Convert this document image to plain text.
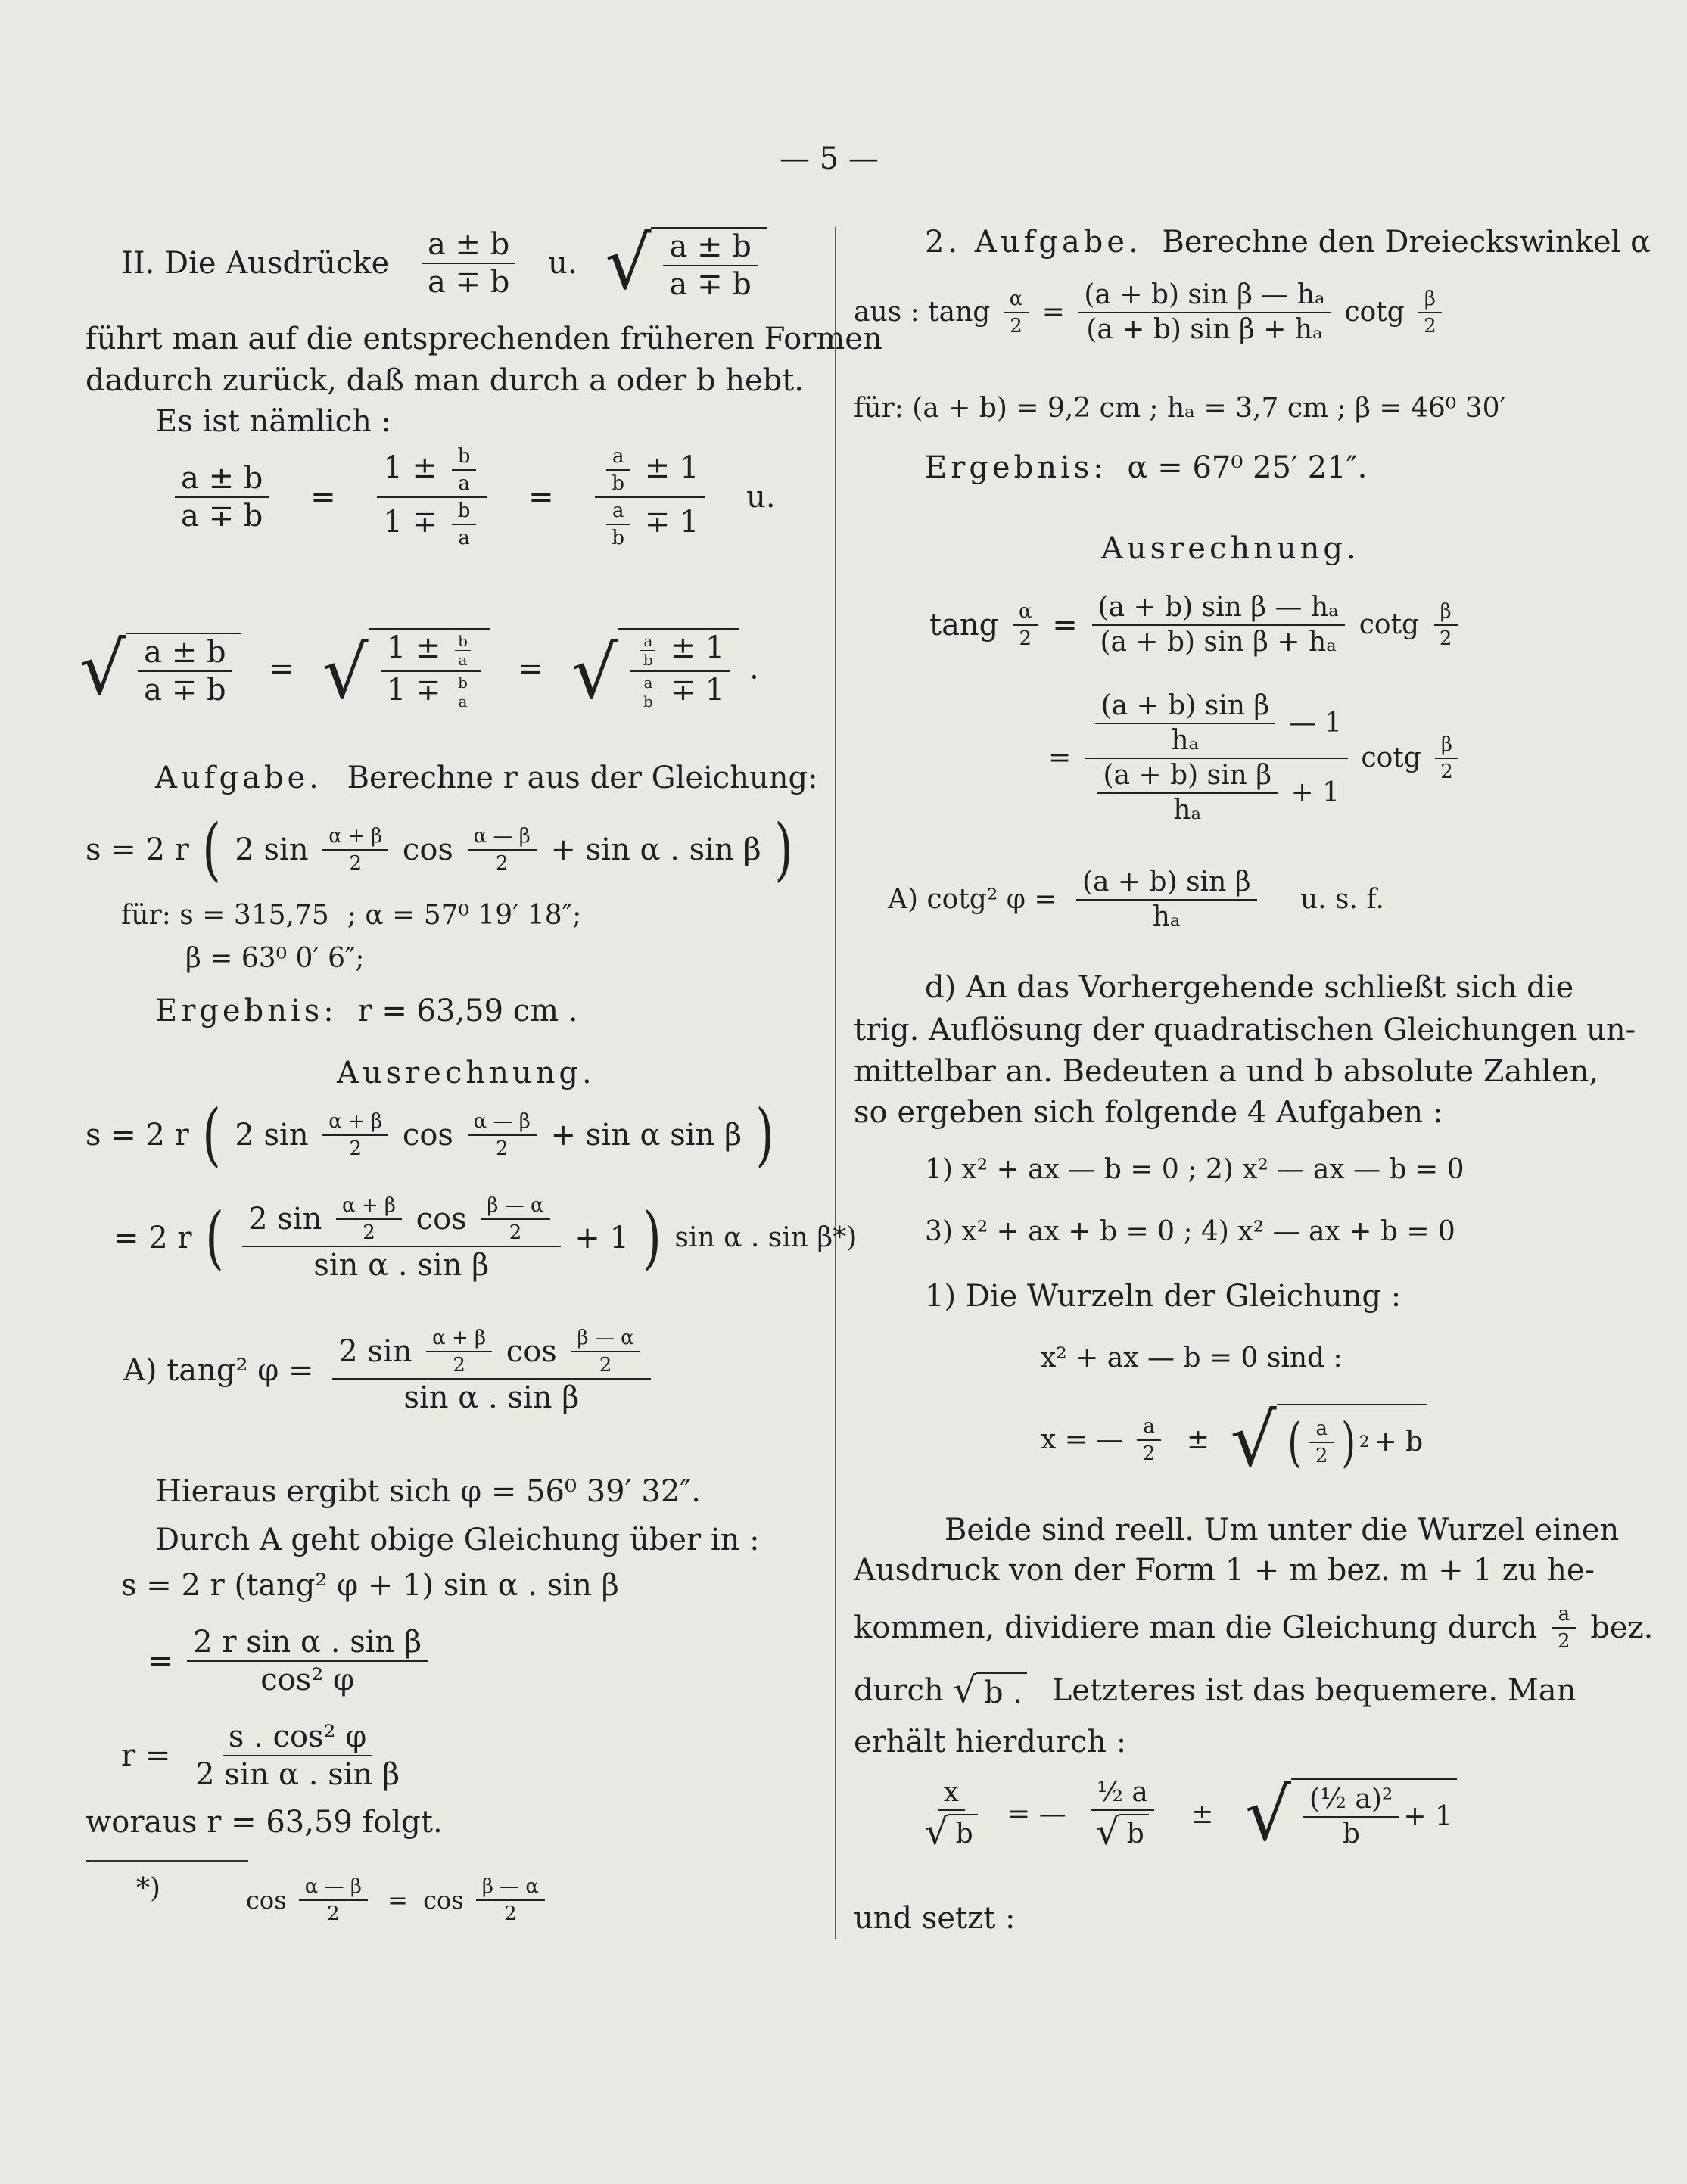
— 5 —
II. Die Ausdrücke $\frac{a \pm b}{a \mp b} u$. √ $\frac{a \pm b}{a \mp b}$
führt man auf die entsprechenden früheren Formen
dadurch zurück, daß man durch a oder b hebt.
Es ist nämlich :
$\frac{a \pm b}{a \mp b} = \frac{1 \pm \frac{b}{a}}{1 \mp \frac{b}{a}} = \frac{\frac{a}{b} \pm 1}{\frac{a}{b} \mp 1} u$.
√ $\frac{a \pm b}{a \mp b}$ = √ $\frac{1 \pm \frac{b}{a}}{1 \mp \frac{b}{a}}$ = √ $\frac{\frac{a}{b} \pm 1}{\frac{a}{b} \mp 1}$ .
Aufgabe. Berechne r aus der Gleichung:
s = 2 r ( 2 $\sin \frac{\alpha + \beta}{2}$ $\cos \frac{\alpha — \beta}{2} + \sin \alpha$ . sin β )
für: s = 315,75 ; α = 57⁰ 19′ 18″;
β = 63⁰ 0′ 6″;
Ergebnis: r = 63,59 cm .
Ausrechnung.
s = 2 r ( 2 $\sin \frac{\alpha + \beta}{2}$ $\cos \frac{\alpha — \beta}{2} + \sin \alpha$ sin β )
= 2 r ( $\frac{2 \sin \frac{\alpha + \beta}{2} \cos \frac{\beta — \alpha}{2}}{\text{sin α . sin β}} + 1$ ) sin α . sin β*)
A) tang² $\varphi = \frac{2 \sin \frac{\alpha + \beta}{2} \cos \frac{\beta — \alpha}{2}}{\text{sin α . sin β}}$
Hieraus ergibt sich φ = 56⁰ 39′ 32″.
Durch A geht obige Gleichung über in :
s = 2 r (tang² φ + 1) sin α . sin β
= $\frac{\text{2 r sin α . sin β}}{\text{cos² φ}}$
$r = \frac{\text{s . cos² φ}}{\text{2 sin α . sin β}}$
woraus r = 63,59 folgt.
*)	$\cos \frac{\alpha — \beta}{2} = \cos \frac{\beta — \alpha}{2}$
2. Aufgabe. Berechne den Dreieckswinkel α
aus : tang $\frac{\alpha}{2} = \frac{\text{(a + b) sin β — hₐ}}{\text{(a + b) sin β + hₐ}}$ cotg $\frac{\beta}{2}$
für: (a + b) = 9,2 cm ; hₐ = 3,7 cm ; β = 46⁰ 30′
Ergebnis: α = 67⁰ 25′ 21″.
Ausrechnung.
tang $\frac{\alpha}{2} = \frac{\text{(a + b) sin β — hₐ}}{\text{(a + b) sin β + hₐ}}$ cotg $\frac{\beta}{2}$
= $\frac{\frac{\text{(a + b) sin β}}{\text{hₐ}} — 1}{\frac{\text{(a + b) sin β}}{\text{hₐ}} + 1}$ cotg $\frac{\beta}{2}$
A) cotg² $\varphi = \frac{\text{(a + b) sin β}}{\text{hₐ}} u$. s. f.
d) An das Vorhergehende schließt sich die
trig. Auflösung der quadratischen Gleichungen un-
mittelbar an. Bedeuten a und b absolute Zahlen,
so ergeben sich folgende 4 Aufgaben :
1) x² + ax — b = 0 ; 2) x² — ax — b = 0
3) x² + ax + b = 0 ; 4) x² — ax + b = 0
1) Die Wurzeln der Gleichung :
x² + ax — b = 0 sind :
x = — $\frac{a}{2}$ ± √ ( $\frac{a}{2}$ ) 2 + b
Beide sind reell. Um unter die Wurzel einen
Ausdruck von der Form 1 + m bez. m + 1 zu he-
kommen, dividiere man die Gleichung durch $\frac{a}{2}$ bez.
durch √ b . Letzteres ist das bequemere. Man
erhält hierdurch :
$\frac{x}{√ b}$ = — $\frac{\text{½ a}}{√ b}$ ± √ $\frac{\text{(½ a)²}}{b} + 1$
und setzt :
